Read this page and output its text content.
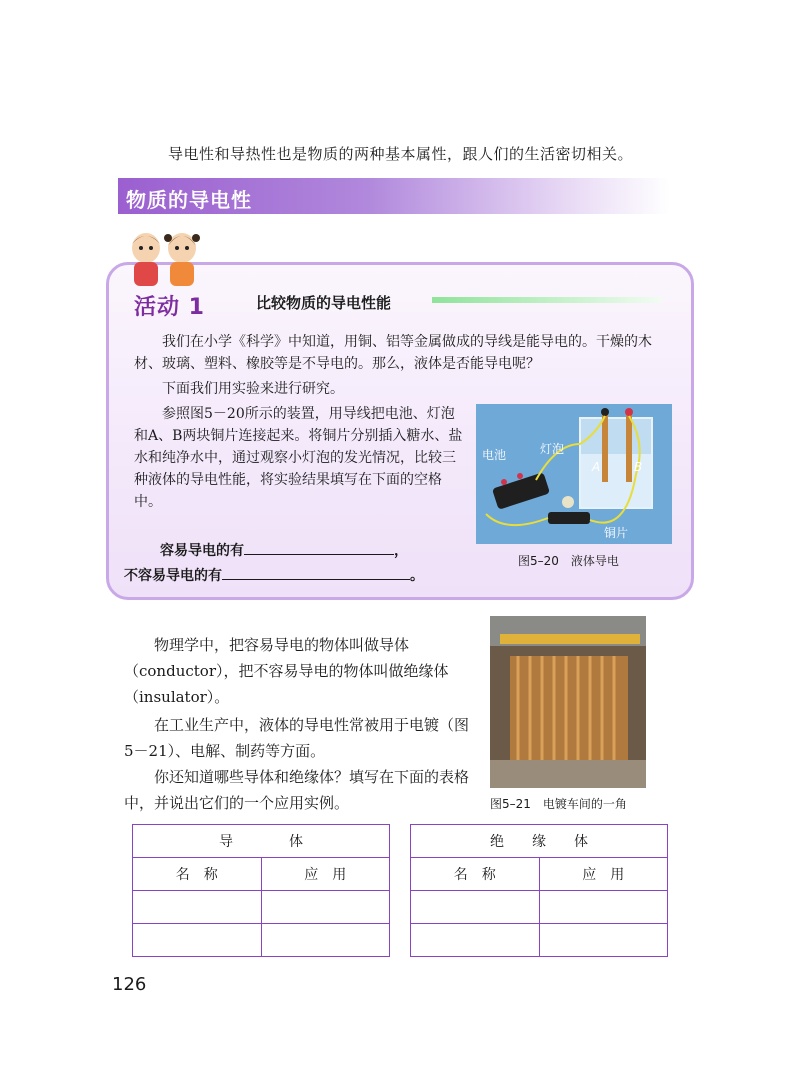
导电性和导热性也是物质的两种基本属性，跟人们的生活密切相关。
物质的导电性
活动 1	比较物质的导电性能
我们在小学《科学》中知道，用铜、铝等金属做成的导线是能导电的。干燥的木材、玻璃、塑料、橡胶等是不导电的。那么，液体是否能导电呢？
下面我们用实验来进行研究。
参照图5－20所示的装置，用导线把电池、灯泡和A、B两块铜片连接起来。将铜片分别插入糖水、盐水和纯净水中，通过观察小灯泡的发光情况，比较三种液体的导电性能，将实验结果填写在下面的空格中。
容易导电的有	，
不容易导电的有	。
电池	灯泡
A	B
铜片
图5–20　液体导电
物理学中，把容易导电的物体叫做导体（conductor），把不容易导电的物体叫做绝缘体（insulator）。
在工业生产中，液体的导电性常被用于电镀（图5－21）、电解、制药等方面。
你还知道哪些导体和绝缘体？填写在下面的表格中，并说出它们的一个应用实例。	图5–21　电镀车间的一角
导　　　　体	
名　称	应　用

绝　　缘　　体	
名　称	应　用

126
